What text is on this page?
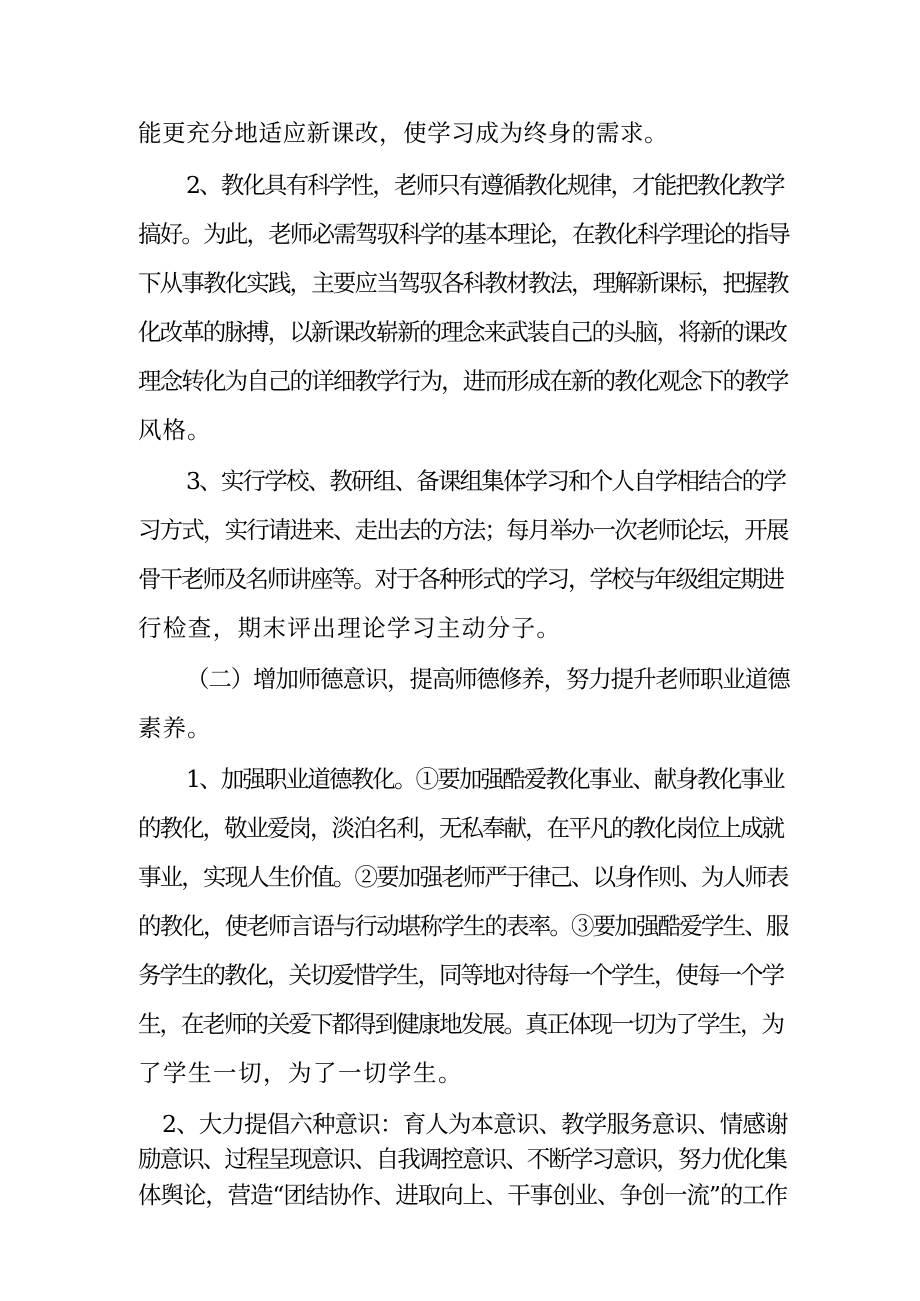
能更充分地适应新课改，使学习成为终身的需求。
2、教化具有科学性，老师只有遵循教化规律，才能把教化教学
搞好。为此，老师必需驾驭科学的基本理论，在教化科学理论的指导
下从事教化实践，主要应当驾驭各科教材教法，理解新课标，把握教
化改革的脉搏，以新课改崭新的理念来武装自己的头脑，将新的课改
理念转化为自己的详细教学行为，进而形成在新的教化观念下的教学
风格。
3、实行学校、教研组、备课组集体学习和个人自学相结合的学
习方式，实行请进来、走出去的方法；每月举办一次老师论坛，开展
骨干老师及名师讲座等。对于各种形式的学习，学校与年级组定期进
行检查，期末评出理论学习主动分子。
（二）增加师德意识，提高师德修养，努力提升老师职业道德
素养。
1、加强职业道德教化。①要加强酷爱教化事业、献身教化事业
的教化，敬业爱岗，淡泊名利，无私奉献，在平凡的教化岗位上成就
事业，实现人生价值。②要加强老师严于律己、以身作则、为人师表
的教化，使老师言语与行动堪称学生的表率。③要加强酷爱学生、服
务学生的教化，关切爱惜学生，同等地对待每一个学生，使每一个学
生，在老师的关爱下都得到健康地发展。真正体现一切为了学生，为
了学生一切，为了一切学生。
2、大力提倡六种意识：育人为本意识、教学服务意识、情感谢
励意识、过程呈现意识、自我调控意识、不断学习意识，努力优化集
体舆论，营造“团结协作、进取向上、干事创业、争创一流”的工作
